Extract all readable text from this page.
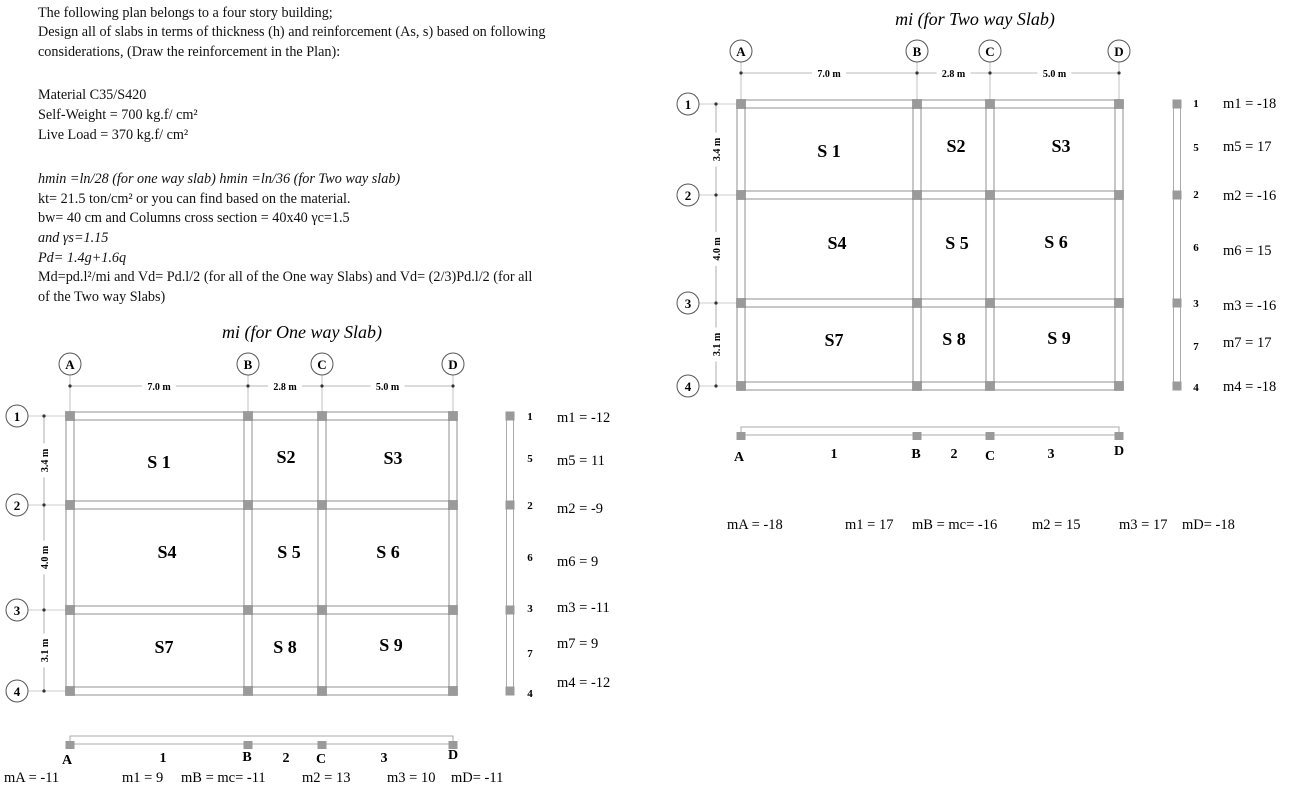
The following plan belongs to a four story building;
Design all of slabs in terms of thickness (h) and reinforcement (As, s) based on following
considerations, (Draw the reinforcement in the Plan):
Material C35/S420
Self-Weight = 700 kg.f/ cm²
Live Load = 370 kg.f/ cm²
hmin =ln/28 (for one way slab) hmin =ln/36 (for Two way slab)
kt= 21.5 ton/cm² or you can find based on the material.
bw= 40 cm and Columns cross section = 40x40 γc=1.5
and γs=1.15
Pd= 1.4g+1.6q
Md=pd.l²/mi and Vd= Pd.l/2 (for all of the One way Slabs) and Vd= (2/3)Pd.l/2 (for all
of the Two way Slabs)
mi (for One way Slab)
A	B	C	D
1
2
3
4
7.0 m	2.8 m	5.0 m
3.4 m
4.0 m
3.1 m
S 1	S2	S3
S4	S 5	S 6
S7	S 8	S 9
1
5
2
6
3
7
4
m1 = -12
m5 = 11
m2 = -9
m6 = 9
m3 = -11
m7 = 9
m4 = -12
A	1	B 2 C	3	D
mA = -11	m1 = 9 mB = mc= -11	m2 = 13	m3 = 10 mD= -11
mi (for Two way Slab)
A	B	C	D
1
2
3
4
7.0 m	2.8 m	5.0 m
3.4 m
4.0 m
3.1 m
S 1	S2	S3
S4	S 5	S 6
S7	S 8	S 9
1
5
2
6
3
7
4
m1 = -18
m5 = 17
m2 = -16
m6 = 15
m3 = -16
m7 = 17
m4 = -18
A	1	B 2 C	3	D
mA = -18	m1 = 17 mB = mc= -16 m2 = 15	m3 = 17 mD= -18
